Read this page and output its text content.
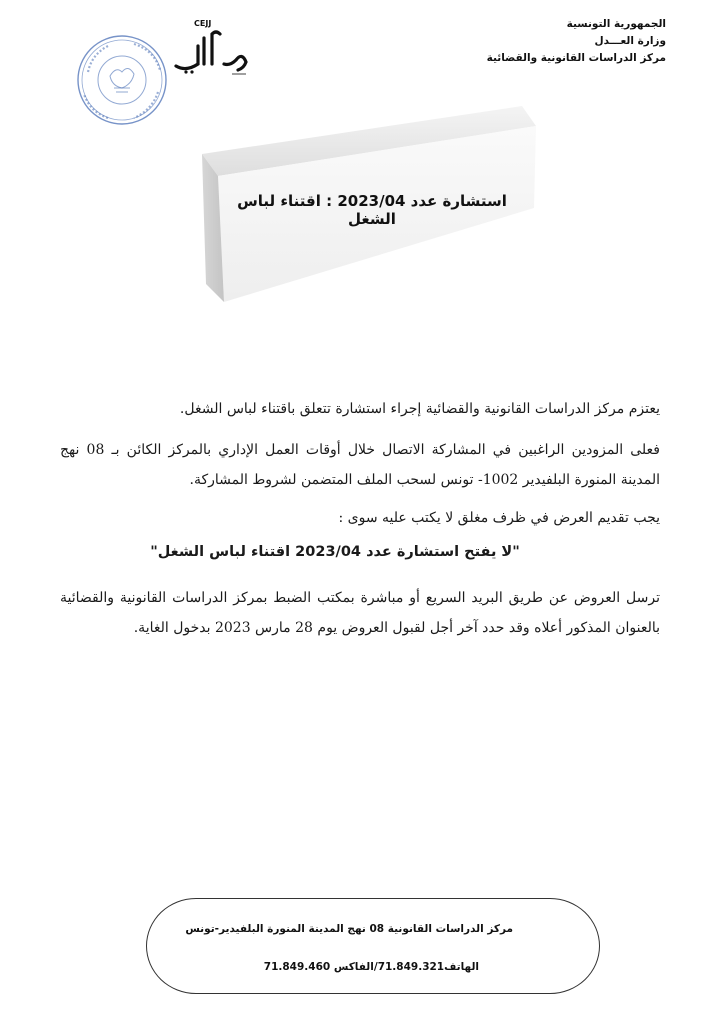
الجمهورية التونسية
وزارة العـــدل
مركز الدراسات القانونية والقضائية
CEJJ
استشارة عدد 2023/04 : اقتناء لباس الشغل
يعتزم مركز الدراسات القانونية والقضائية إجراء استشارة تتعلق باقتناء لباس الشغل.
فعلى المزودين الراغبين في المشاركة الاتصال خلال أوقات العمل الإداري بالمركز الكائن بـ 08 نهج المدينة المنورة البلفيدير 1002- تونس لسحب الملف المتضمن لشروط المشاركة.
يجب تقديم العرض في ظرف مغلق لا يكتب عليه سوى :
"لا يفتح استشارة عدد 2023/04 اقتناء لباس الشغل"
ترسل العروض عن طريق البريد السريع أو مباشرة بمكتب الضبط بمركز الدراسات القانونية والقضائية بالعنوان المذكور أعلاه وقد حدد آخر أجل لقبول العروض يوم 28 مارس 2023 بدخول الغاية.
مركز الدراسات القانونية 08 نهج المدينة المنورة البلفيدير-تونس
الهاتف71.849.321/الفاكس 71.849.460
